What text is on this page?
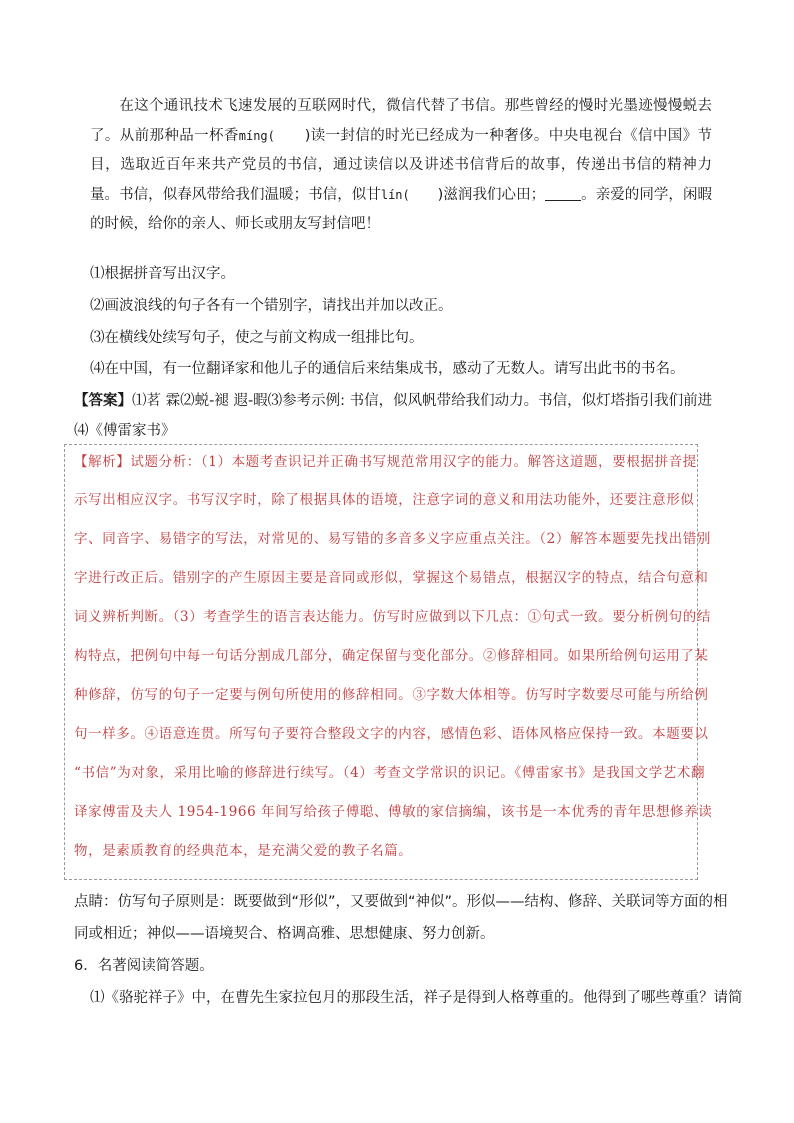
在这个通讯技术飞速发展的互联网时代，微信代替了书信。那些曾经的慢时光墨迹慢慢蜕去了。从前那种品一杯香míng(      )读一封信的时光已经成为一种奢侈。中央电视台《信中国》节目，选取近百年来共产党员的书信，通过读信以及讲述书信背后的故事，传递出书信的精神力量。书信，似春风带给我们温暖；书信，似甘lín(      )滋润我们心田； 。亲爱的同学，闲暇的时候，给你的亲人、师长或朋友写封信吧！
⑴根据拼音写出汉字。
⑵画波浪线的句子各有一个错别字，请找出并加以改正。
⑶在横线处续写句子，使之与前文构成一组排比句。
⑷在中国，有一位翻译家和他儿子的通信后来结集成书，感动了无数人。请写出此书的书名。
【答案】⑴茗 霖⑵蜕-褪 遐-暇⑶参考示例: 书信，似风帆带给我们动力。书信，似灯塔指引我们前进
⑷《傅雷家书》
【解析】试题分析：（1）本题考查识记并正确书写规范常用汉字的能力。解答这道题，要根据拼音提
示写出相应汉字。书写汉字时，除了根据具体的语境，注意字词的意义和用法功能外，还要注意形似
字、同音字、易错字的写法，对常见的、易写错的多音多义字应重点关注。（2）解答本题要先找出错别
字进行改正后。错别字的产生原因主要是音同或形似，掌握这个易错点，根据汉字的特点，结合句意和
词义辨析判断。（3）考查学生的语言表达能力。仿写时应做到以下几点：①句式一致。要分析例句的结
构特点，把例句中每一句话分割成几部分，确定保留与变化部分。②修辞相同。如果所给例句运用了某
种修辞，仿写的句子一定要与例句所使用的修辞相同。③字数大体相等。仿写时字数要尽可能与所给例
句一样多。④语意连贯。所写句子要符合整段文字的内容，感情色彩、语体风格应保持一致。本题要以
“书信”为对象，采用比喻的修辞进行续写。（4）考查文学常识的识记。《傅雷家书》是我国文学艺术翻
译家傅雷及夫人 1954-1966 年间写给孩子傅聪、傅敏的家信摘编，该书是一本优秀的青年思想修养读
物，是素质教育的经典范本，是充满父爱的教子名篇。
点睛：仿写句子原则是：既要做到“形似”，又要做到“神似”。形似——结构、修辞、关联词等方面的相
同或相近；神似——语境契合、格调高雅、思想健康、努力创新。
6．名著阅读简答题。
⑴《骆驼祥子》中，在曹先生家拉包月的那段生活，祥子是得到人格尊重的。他得到了哪些尊重？请简
